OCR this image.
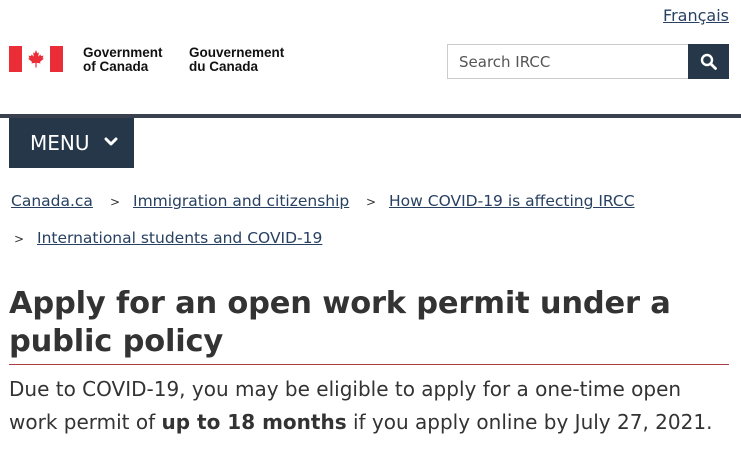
Français
Government
of Canada
Gouvernement
du Canada
Search IRCC
MENU
Canada.ca > Immigration and citizenship > How COVID-19 is affecting IRCC
> International students and COVID-19
Apply for an open work permit under a public policy

Due to COVID-19, you may be eligible to apply for a one-time open work permit of up to 18 months if you apply online by July 27, 2021.
